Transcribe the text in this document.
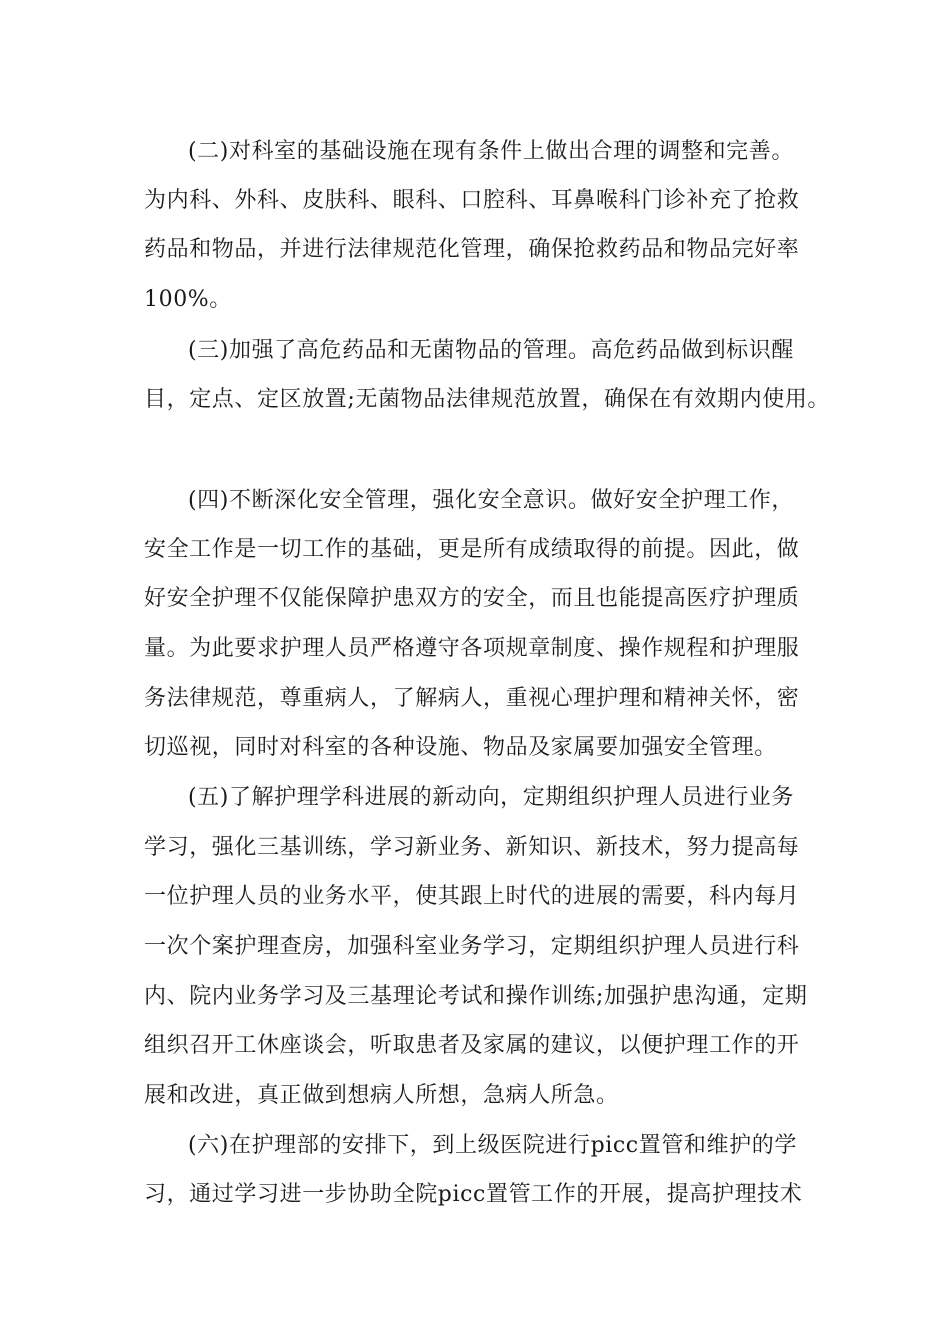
(二)对科室的基础设施在现有条件上做出合理的调整和完善。
为内科、外科、皮肤科、眼科、口腔科、耳鼻喉科门诊补充了抢救
药品和物品，并进行法律规范化管理，确保抢救药品和物品完好率
100%。
(三)加强了高危药品和无菌物品的管理。高危药品做到标识醒
目，定点、定区放置;无菌物品法律规范放置，确保在有效期内使用。
(四)不断深化安全管理，强化安全意识。做好安全护理工作，
安全工作是一切工作的基础，更是所有成绩取得的前提。因此，做
好安全护理不仅能保障护患双方的安全，而且也能提高医疗护理质
量。为此要求护理人员严格遵守各项规章制度、操作规程和护理服
务法律规范，尊重病人，了解病人，重视心理护理和精神关怀，密
切巡视，同时对科室的各种设施、物品及家属要加强安全管理。
(五)了解护理学科进展的新动向，定期组织护理人员进行业务
学习，强化三基训练，学习新业务、新知识、新技术，努力提高每
一位护理人员的业务水平，使其跟上时代的进展的需要，科内每月
一次个案护理查房，加强科室业务学习，定期组织护理人员进行科
内、院内业务学习及三基理论考试和操作训练;加强护患沟通，定期
组织召开工休座谈会，听取患者及家属的建议，以便护理工作的开
展和改进，真正做到想病人所想，急病人所急。
(六)在护理部的安排下，到上级医院进行picc置管和维护的学
习，通过学习进一步协助全院picc置管工作的开展，提高护理技术
